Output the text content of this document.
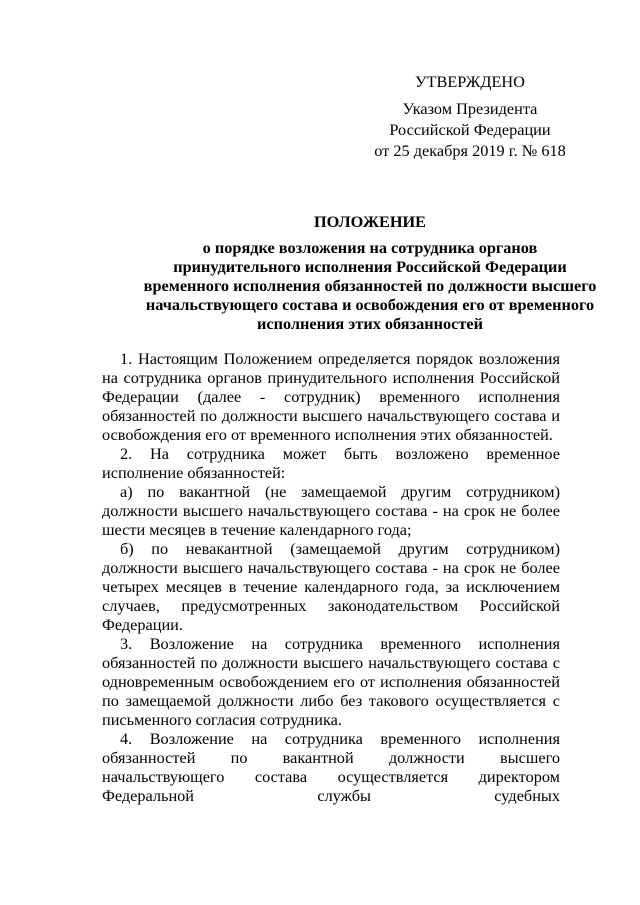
УТВЕРЖДЕНО
Указом Президента
Российской Федерации
от 25 декабря 2019 г. № 618
ПОЛОЖЕНИЕ
о порядке возложения на сотрудника органов
принудительного исполнения Российской Федерации
временного исполнения обязанностей по должности высшего
начальствующего состава и освобождения его от временного
исполнения этих обязанностей

1. Настоящим Положением определяется порядок возложения на сотрудника органов принудительного исполнения Российской Федерации (далее - сотрудник) временного исполнения обязанностей по должности высшего начальствующего состава и освобождения его от временного исполнения этих обязанностей.

2. На сотрудника может быть возложено временное исполнение обязанностей:

а) по вакантной (не замещаемой другим сотрудником) должности высшего начальствующего состава - на срок не более шести месяцев в течение календарного года;

б) по невакантной (замещаемой другим сотрудником) должности высшего начальствующего состава - на срок не более четырех месяцев в течение календарного года, за исключением случаев, предусмотренных законодательством Российской Федерации.

3. Возложение на сотрудника временного исполнения обязанностей по должности высшего начальствующего состава с одновременным освобождением его от исполнения обязанностей по замещаемой должности либо без такового осуществляется с письменного согласия сотрудника.

4. Возложение на сотрудника временного исполнения обязанностей по вакантной должности высшего начальствующего состава осуществляется директором Федеральной службы судебных
